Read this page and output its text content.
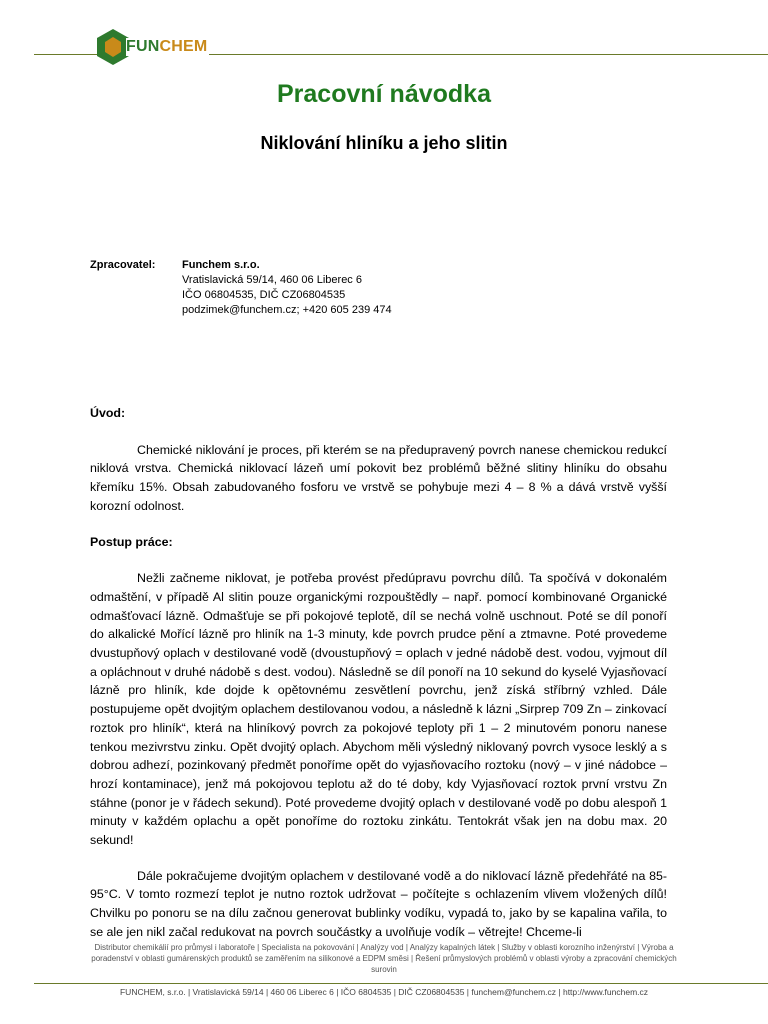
FUNCHEM
Pracovní návodka
Niklování hliníku a jeho slitin
Zpracovatel:	Funchem s.r.o.
Vratislavická 59/14, 460 06 Liberec 6
IČO 06804535, DIČ CZ06804535
podzimek@funchem.cz; +420 605 239 474
Úvod:

Chemické niklování je proces, při kterém se na předupravený povrch nanese chemickou redukcí niklová vrstva. Chemická niklovací lázeň umí pokovit bez problémů běžné slitiny hliníku do obsahu křemíku 15%. Obsah zabudovaného fosforu ve vrstvě se pohybuje mezi 4 – 8 % a dává vrstvě vyšší korozní odolnost.

Postup práce:

Nežli začneme niklovat, je potřeba provést předúpravu povrchu dílů. Ta spočívá v dokonalém odmaštění, v případě Al slitin pouze organickými rozpouštědly – např. pomocí kombinované Organické odmašťovací lázně. Odmašťuje se při pokojové teplotě, díl se nechá volně uschnout. Poté se díl ponoří do alkalické Mořící lázně pro hliník na 1-3 minuty, kde povrch prudce pění a ztmavne. Poté provedeme dvustupňový oplach v destilované vodě (dvoustupňový = oplach v jedné nádobě dest. vodou, vyjmout díl a opláchnout v druhé nádobě s dest. vodou). Následně se díl ponoří na 10 sekund do kyselé Vyjasňovací lázně pro hliník, kde dojde k opětovnému zesvětlení povrchu, jenž získá stříbrný vzhled. Dále postupujeme opět dvojitým oplachem destilovanou vodou, a následně k lázni „Sirprep 709 Zn – zinkovací roztok pro hliník“, která na hliníkový povrch za pokojové teploty při 1 – 2 minutovém ponoru nanese tenkou mezivrstvu zinku. Opět dvojitý oplach. Abychom měli výsledný niklovaný povrch vysoce lesklý a s dobrou adhezí, pozinkovaný předmět ponoříme opět do vyjasňovacího roztoku (nový – v jiné nádobce – hrozí kontaminace), jenž má pokojovou teplotu až do té doby, kdy Vyjasňovací roztok první vrstvu Zn stáhne (ponor je v řádech sekund). Poté provedeme dvojitý oplach v destilované vodě po dobu alespoň 1 minuty v každém oplachu a opět ponoříme do roztoku zinkátu. Tentokrát však jen na dobu max. 20 sekund!

Dále pokračujeme dvojitým oplachem v destilované vodě a do niklovací lázně předehřáté na 85-95°C. V tomto rozmezí teplot je nutno roztok udržovat – počítejte s ochlazením vlivem vložených dílů! Chvilku po ponoru se na dílu začnou generovat bublinky vodíku, vypadá to, jako by se kapalina vařila, to se ale jen nikl začal redukovat na povrch součástky a uvolňuje vodík – větrejte! Chceme-li

Distributor chemikálií pro průmysl i laboratoře | Specialista na pokovování | Analýzy vod | Analýzy kapalných látek | Služby v oblasti korozního inženýrství | Výroba a poradenství v oblasti gumárenských produktů se zaměřením na silikonové a EDPM směsi | Řešení průmyslových problémů v oblasti výroby a zpracování chemických surovin
FUNCHEM, s.r.o. | Vratislavická 59/14 | 460 06 Liberec 6 | IČO 6804535 | DIČ CZ06804535 | funchem@funchem.cz | http://www.funchem.cz
